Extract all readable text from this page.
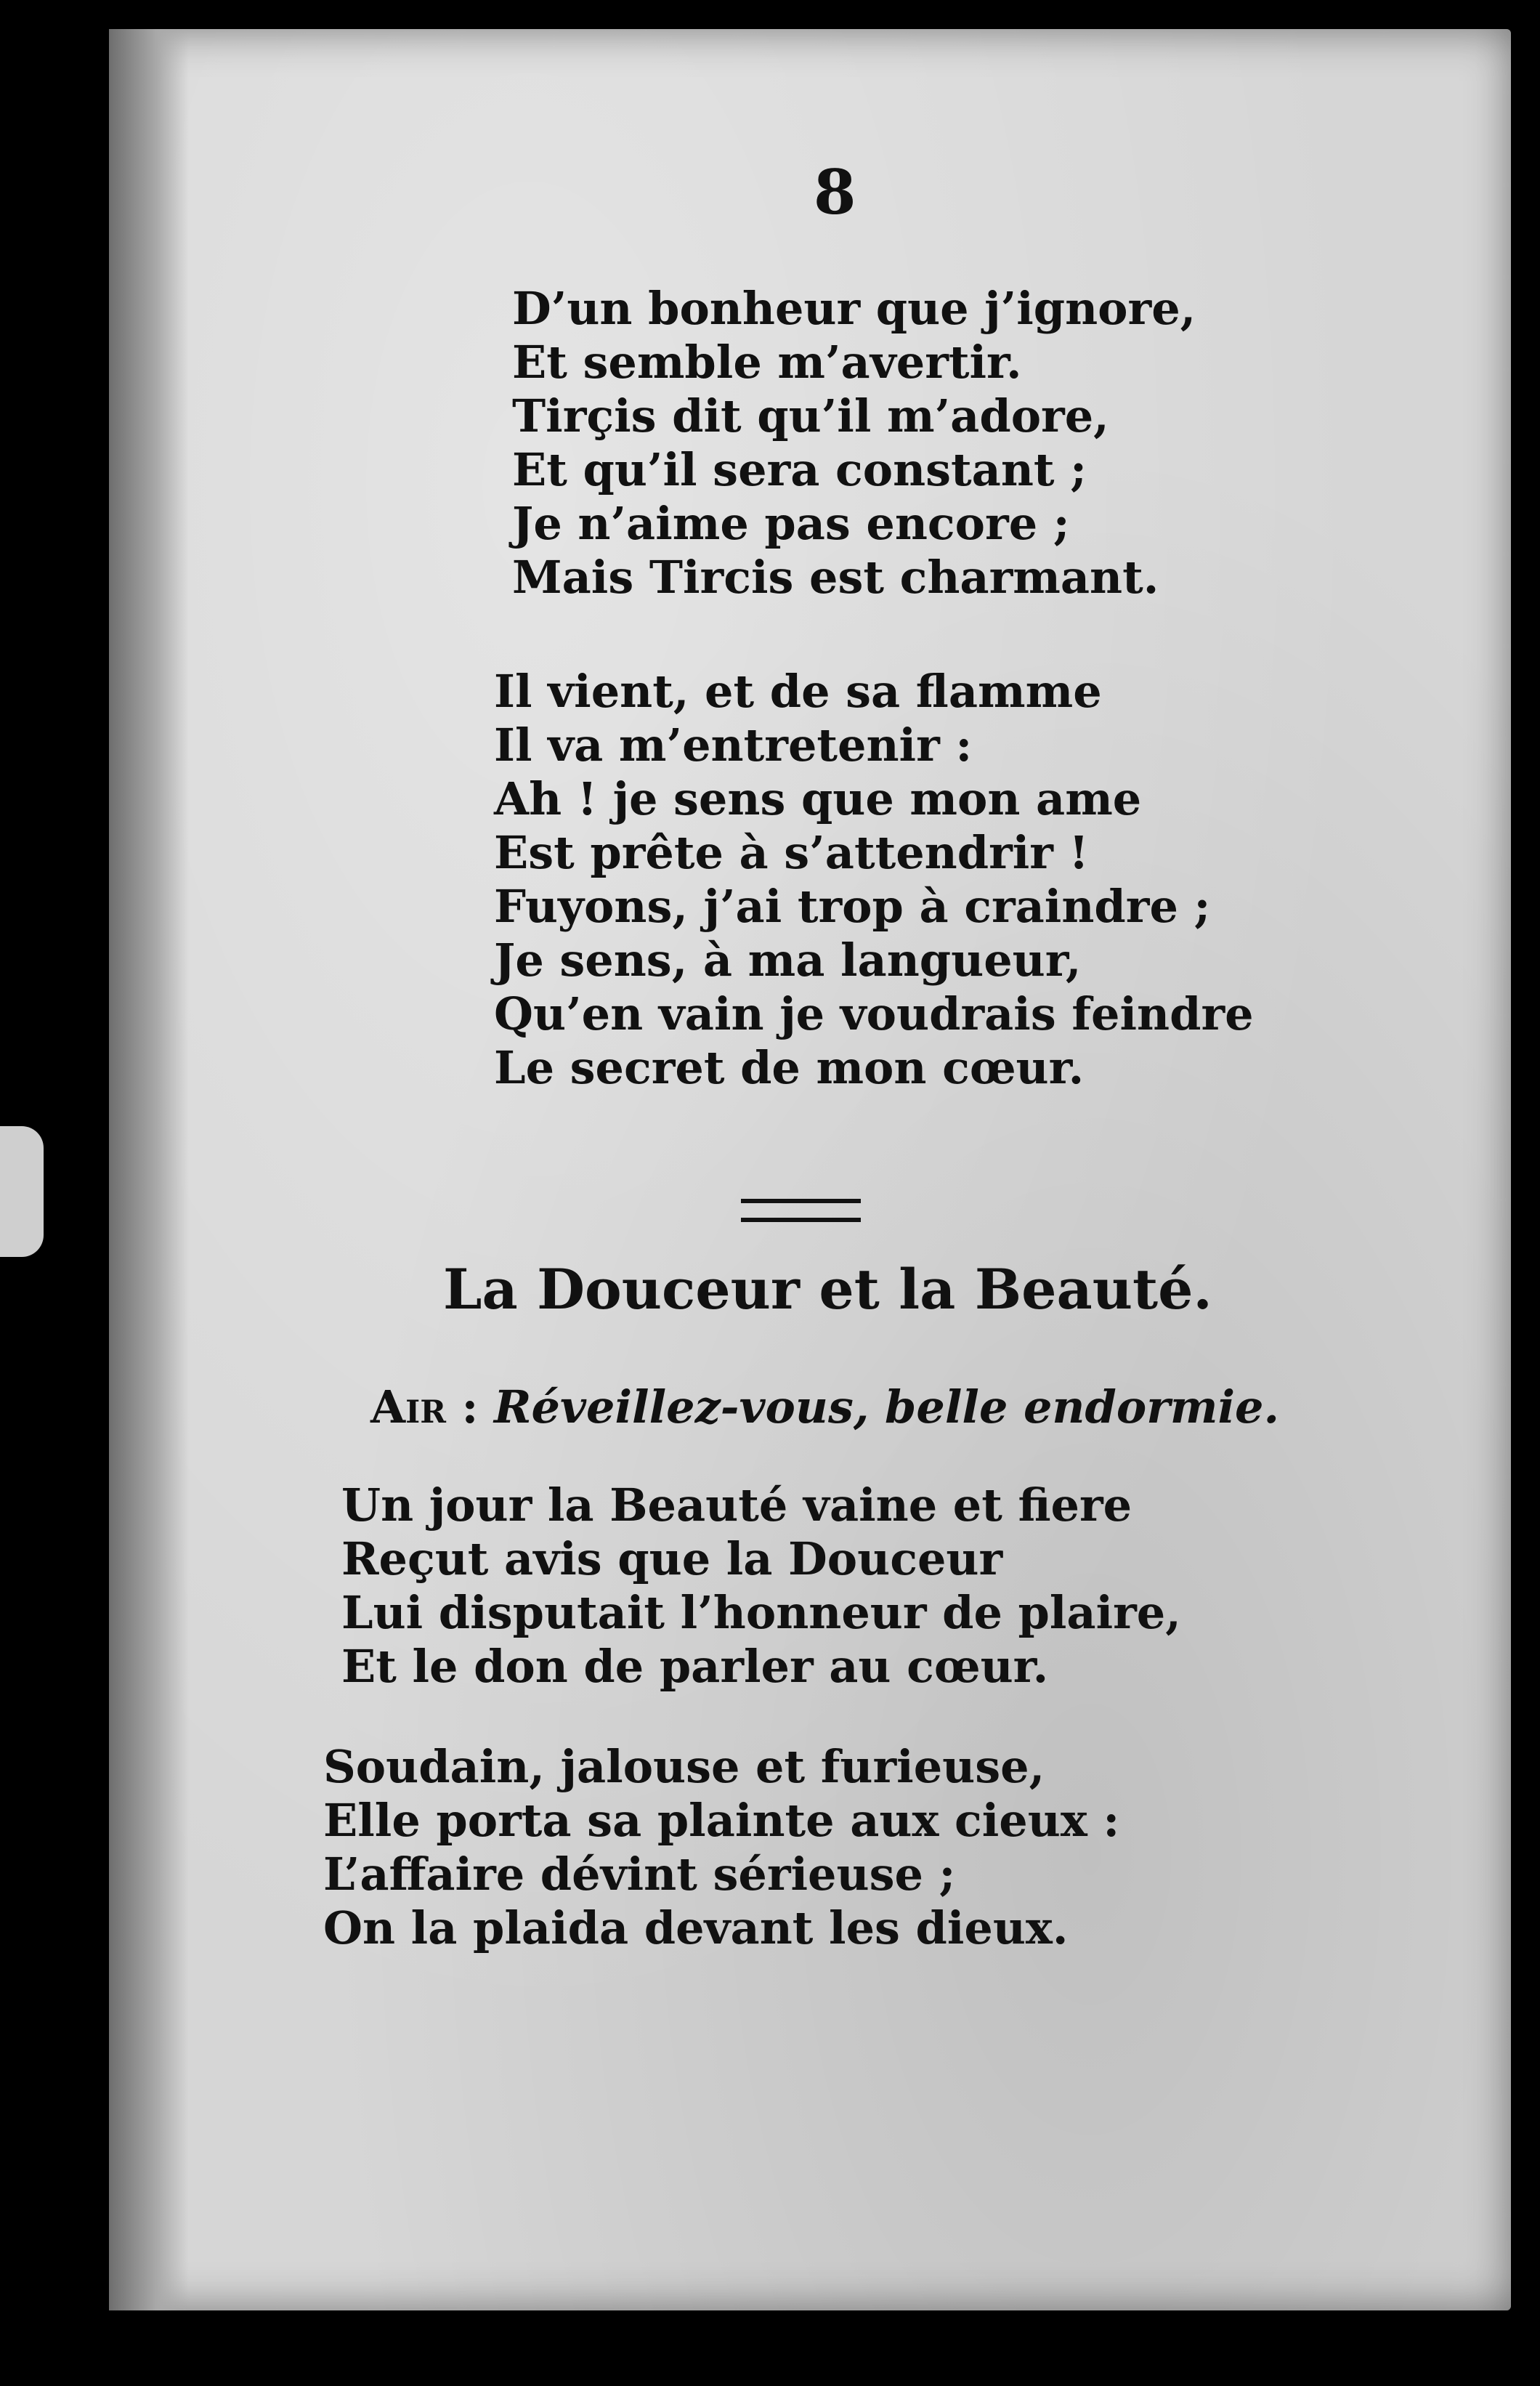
8
D’un bonheur que j’ignore,
Et semble m’avertir.
Tirçis dit qu’il m’adore,
Et qu’il sera constant ;
Je n’aime pas encore ;
Mais Tircis est charmant.
Il vient, et de sa flamme
Il va m’entretenir :
Ah ! je sens que mon ame
Est prête à s’attendrir !
Fuyons, j’ai trop à craindre ;
Je sens, à ma langueur,
Qu’en vain je voudrais feindre
Le secret de mon cœur.
La Douceur et la Beauté.
Air : Réveillez-vous, belle endormie.
Un jour la Beauté vaine et fiere
Reçut avis que la Douceur
Lui disputait l’honneur de plaire,
Et le don de parler au cœur.
Soudain, jalouse et furieuse,
Elle porta sa plainte aux cieux :
L’affaire dévint sérieuse ;
On la plaida devant les dieux.
